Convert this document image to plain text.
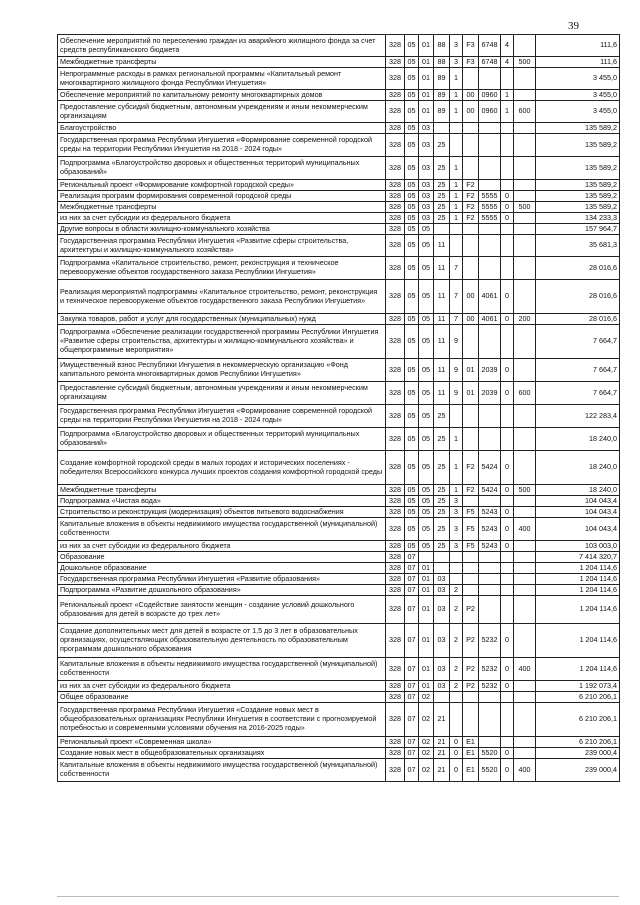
39
Обеспечение мероприятий по переселению граждан из аварийного жилищного фонда за счет средств республиканского бюджета	328	05	01	88	3	F3	6748	4		111,6
Межбюджетные трансферты	328	05	01	88	3	F3	6748	4	500	111,6
Непрограммные расходы в рамках региональной программы «Капитальный ремонт многоквартирного жилищного фонда Республики Ингушетия»	328	05	01	89	1					3 455,0
Обеспечение мероприятий по капитальному ремонту многоквартирных домов	328	05	01	89	1	00	0960	1		3 455,0
Предоставление субсидий бюджетным, автономным учреждениям и иным некоммерческим организациям	328	05	01	89	1	00	0960	1	600	3 455,0
Благоустройство	328	05	03							135 589,2
Государственная программа Республики Ингушетия «Формирование современной городской среды на территории Республики Ингушетия на 2018 - 2024 годы»	328	05	03	25						135 589,2
Подпрограмма «Благоустройство дворовых и общественных территорий муниципальных образований»	328	05	03	25	1					135 589,2
Региональный проект «Формирование комфортной городской среды»	328	05	03	25	1	F2				135 589,2
Реализация программ формирования современной городской среды	328	05	03	25	1	F2	5555	0		135 589,2
Межбюджетные трансферты	328	05	03	25	1	F2	5555	0	500	135 589,2
из них за счет субсидии из федерального бюджета	328	05	03	25	1	F2	5555	0		134 233,3
Другие вопросы в области жилищно-коммунального хозяйства	328	05	05							157 964,7
Государственная программа Республики Ингушетия «Развитие сферы строительства, архитектуры и жилищно-коммунального хозяйства»	328	05	05	11						35 681,3
Подпрограмма «Капитальное строительство, ремонт, реконструкция и техническое перевооружение объектов государственного заказа Республики Ингушетия»	328	05	05	11	7					28 016,6
Реализация мероприятий подпрограммы «Капитальное строительство, ремонт, реконструкция и техническое перевооружение объектов государственного заказа Республики Ингушетия»	328	05	05	11	7	00	4061	0		28 016,6
Закупка товаров, работ и услуг для государственных (муниципальных) нужд	328	05	05	11	7	00	4061	0	200	28 016,6
Подпрограмма «Обеспечение реализации государственной программы Республики Ингушетия «Развитие сферы строительства, архитектуры и жилищно-коммунального хозяйства» и общепрограммные мероприятия»	328	05	05	11	9					7 664,7
Имущественный взнос Республики Ингушетия в некоммерческую организацию «Фонд капитального ремонта многоквартирных домов Республики Ингушетия»	328	05	05	11	9	01	2039	0		7 664,7
Предоставление субсидий бюджетным, автономным учреждениям и иным некоммерческим организациям	328	05	05	11	9	01	2039	0	600	7 664,7
Государственная программа Республики Ингушетия «Формирование современной городской среды на территории Республики Ингушетия на 2018 - 2024 годы»	328	05	05	25						122 283,4
Подпрограмма «Благоустройство дворовых и общественных территорий муниципальных образований»	328	05	05	25	1					18 240,0
Создание комфортной городской среды в малых городах и исторических поселениях - победителях Всероссийского конкурса лучших проектов создания комфортной городской среды	328	05	05	25	1	F2	5424	0		18 240,0
Межбюджетные трансферты	328	05	05	25	1	F2	5424	0	500	18 240,0
Подпрограмма «Чистая вода»	328	05	05	25	3					104 043,4
Строительство и реконструкция (модернизация) объектов питьевого водоснабжения	328	05	05	25	3	F5	5243	0		104 043,4
Капитальные вложения в объекты недвижимого имущества государственной (муниципальной) собственности	328	05	05	25	3	F5	5243	0	400	104 043,4
из них за счет субсидии из федерального бюджета	328	05	05	25	3	F5	5243	0		103 003,0
Образование	328	07								7 414 320,7
Дошкольное образование	328	07	01							1 204 114,6
Государственная программа Республики Ингушетия «Развитие образования»	328	07	01	03						1 204 114,6
Подпрограмма «Развитие дошкольного образования»	328	07	01	03	2					1 204 114,6
Региональный проект «Содействие занятости женщин - создание условий дошкольного образования для детей в возрасте до трех лет»	328	07	01	03	2	P2				1 204 114,6
Создание дополнительных мест для детей в возрасте от 1,5 до 3 лет в образовательных организациях, осуществляющих образовательную деятельность по образовательным программам дошкольного образования	328	07	01	03	2	P2	5232	0		1 204 114,6
Капитальные вложения в объекты недвижимого имущества государственной (муниципальной) собственности	328	07	01	03	2	P2	5232	0	400	1 204 114,6
из них за счет субсидии из федерального бюджета	328	07	01	03	2	P2	5232	0		1 192 073,4
Общее образование	328	07	02							6 210 206,1
Государственная программа Республики Ингушетия «Создание новых мест в общеобразовательных организациях Республики Ингушетия в соответствии с прогнозируемой потребностью и современными условиями обучения на 2016-2025 годы»	328	07	02	21						6 210 206,1
Региональный проект «Современная школа»	328	07	02	21	0	E1				6 210 206,1
Создание новых мест в общеобразовательных организациях	328	07	02	21	0	E1	5520	0		239 000,4
Капитальные вложения в объекты недвижимого имущества государственной (муниципальной) собственности	328	07	02	21	0	E1	5520	0	400	239 000,4
